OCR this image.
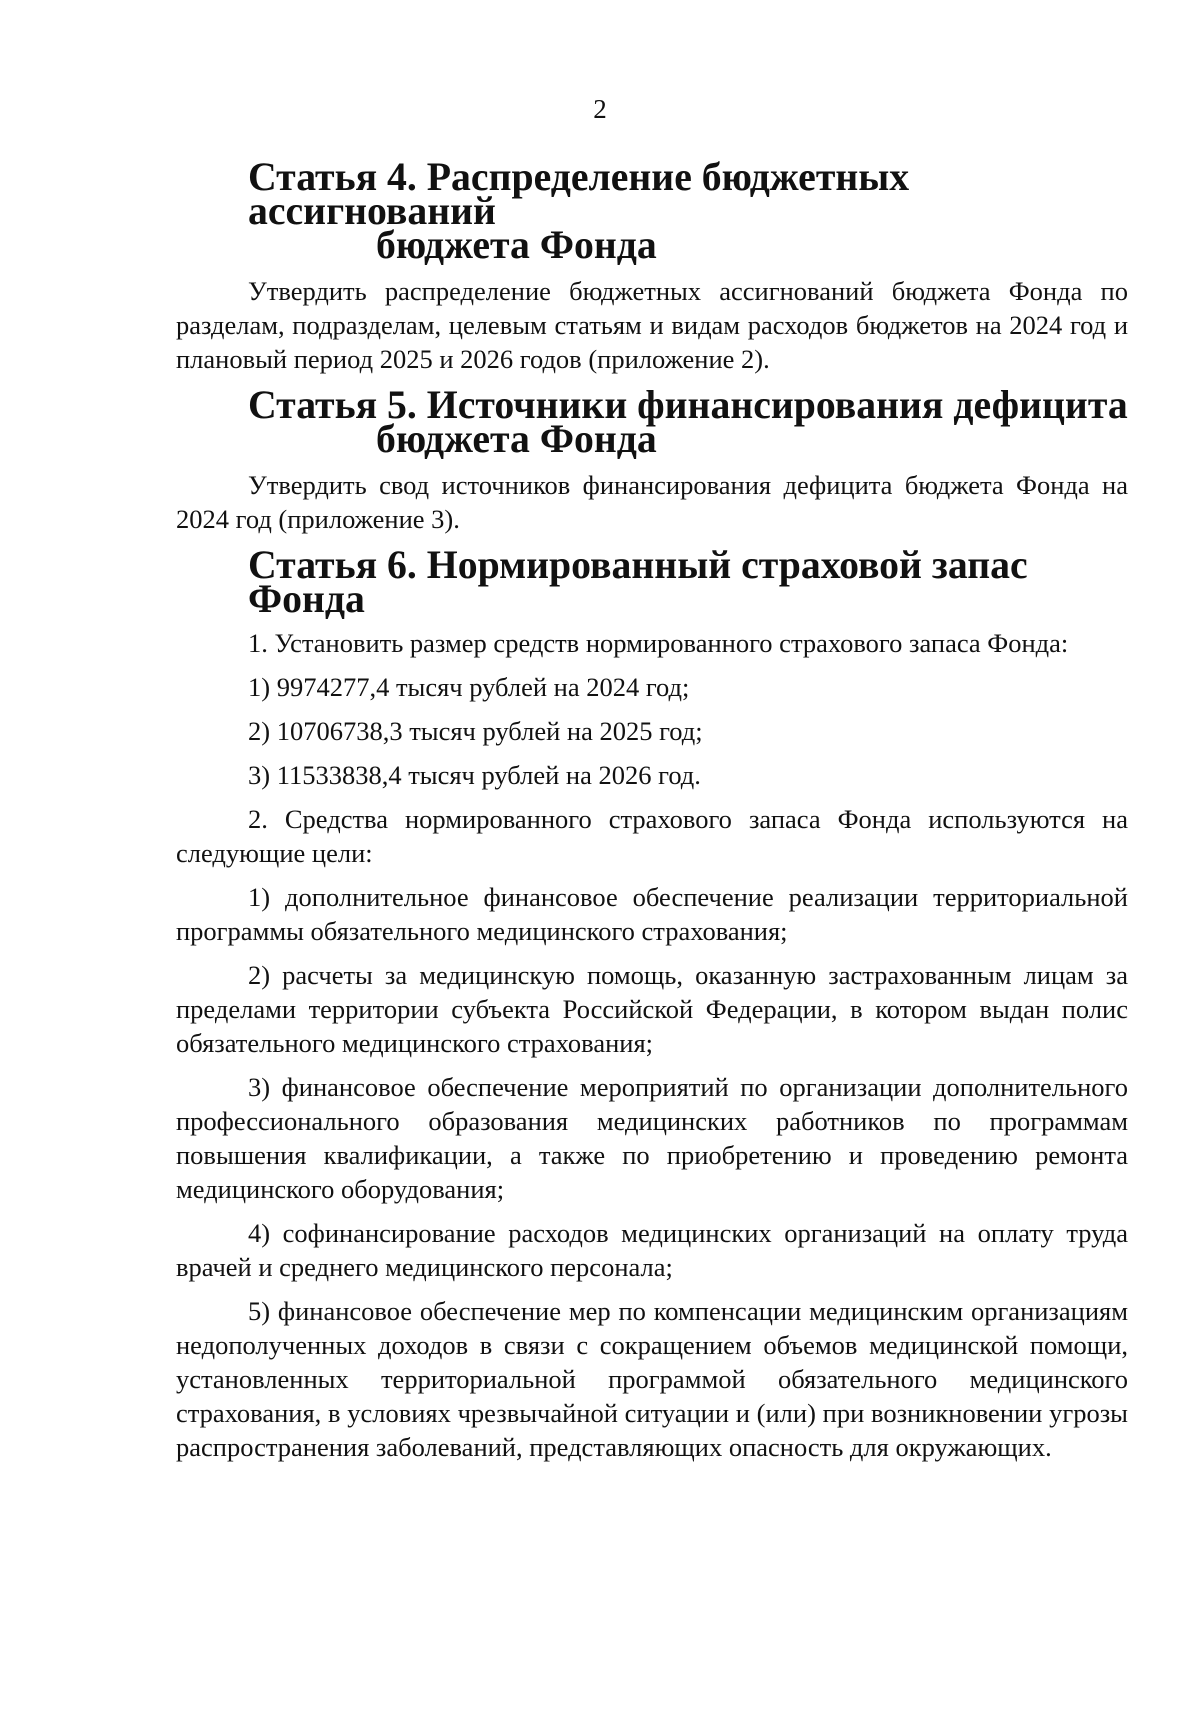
2
Статья 4. Распределение бюджетных ассигнований
бюджета Фонда

Утвердить распределение бюджетных ассигнований бюджета Фонда по разделам, подразделам, целевым статьям и видам расходов бюджетов на 2024 год и плановый период 2025 и 2026 годов (приложение 2).

Статья 5. Источники финансирования дефицита
бюджета Фонда

Утвердить свод источников финансирования дефицита бюджета Фонда на 2024 год (приложение 3).

Статья 6. Нормированный страховой запас Фонда

1. Установить размер средств нормированного страхового запаса Фонда:

1) 9974277,4 тысяч рублей на 2024 год;

2) 10706738,3 тысяч рублей на 2025 год;

3) 11533838,4 тысяч рублей на 2026 год.

2. Средства нормированного страхового запаса Фонда используются на следующие цели:

1) дополнительное финансовое обеспечение реализации территориальной программы обязательного медицинского страхования;

2) расчеты за медицинскую помощь, оказанную застрахованным лицам за пределами территории субъекта Российской Федерации, в котором выдан полис обязательного медицинского страхования;

3) финансовое обеспечение мероприятий по организации дополнительного профессионального образования медицинских работников по программам повышения квалификации, а также по приобретению и проведению ремонта медицинского оборудования;

4) софинансирование расходов медицинских организаций на оплату труда врачей и среднего медицинского персонала;

5) финансовое обеспечение мер по компенсации медицинским организациям недополученных доходов в связи с сокращением объемов медицинской помощи, установленных территориальной программой обязательного медицинского страхования, в условиях чрезвычайной ситуации и (или) при возникновении угрозы распространения заболеваний, представляющих опасность для окружающих.
